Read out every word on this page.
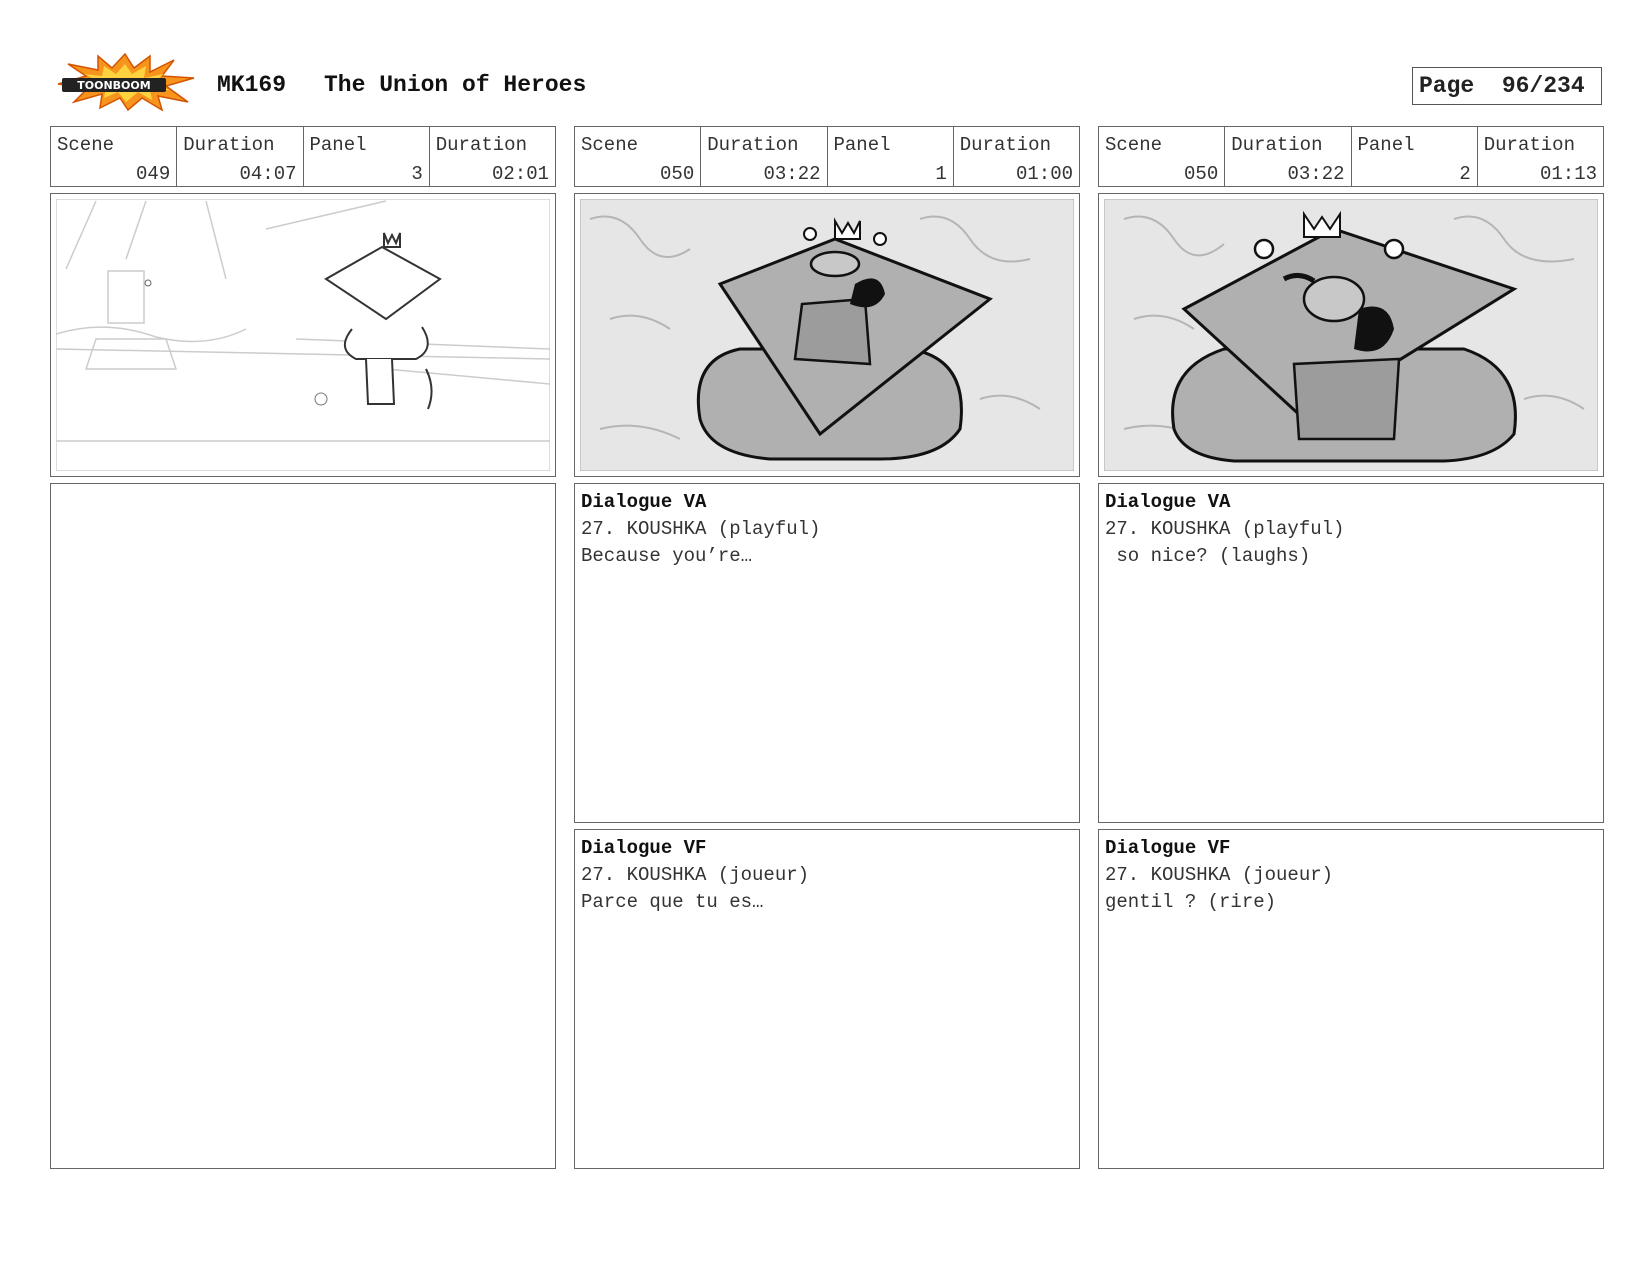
TOONBOOM	MK169 The Union of Heroes	Page 96/234
Scene
049
Duration
04:07
Panel
3
Duration
02:01
Scene
050
Duration
03:22
Panel
1
Duration
01:00
Dialogue VA
27. KOUSHKA (playful)
Because you’re…
Dialogue VF
27. KOUSHKA (joueur)
Parce que tu es…
Scene
050
Duration
03:22
Panel
2
Duration
01:13
Dialogue VA
27. KOUSHKA (playful)
so nice? (laughs)
Dialogue VF
27. KOUSHKA (joueur)
gentil ? (rire)
